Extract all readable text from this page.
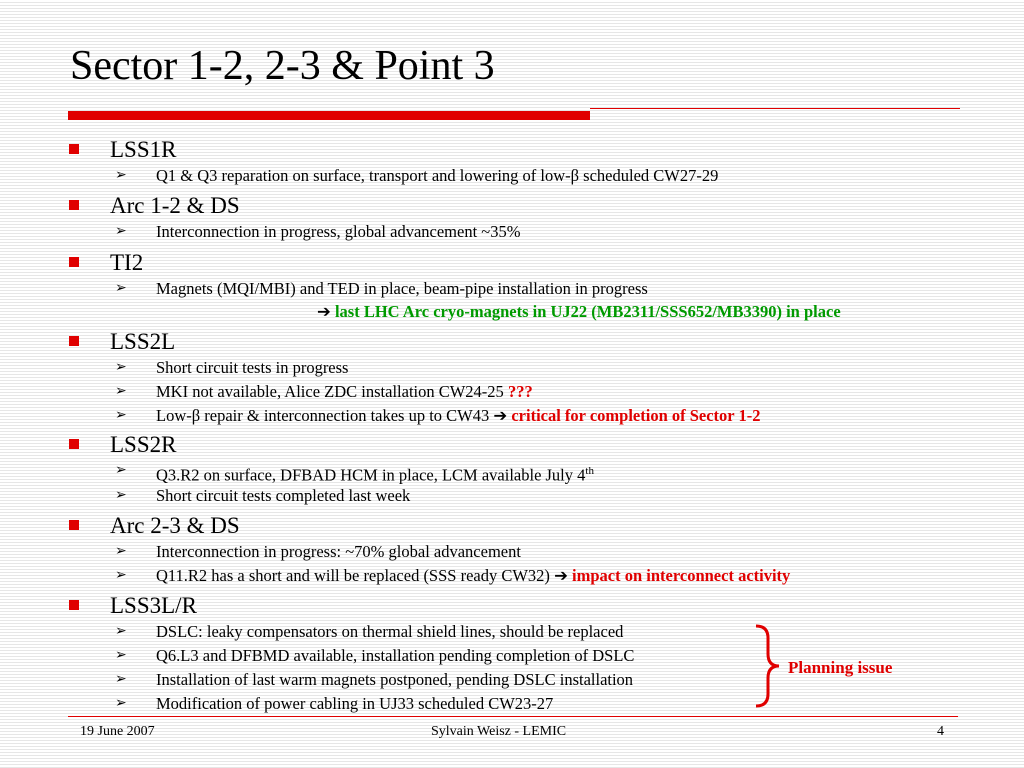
Sector 1-2, 2-3 & Point 3
LSS1R
➢ Q1 & Q3 reparation on surface, transport and lowering of low-β scheduled CW27-29
Arc 1-2 & DS
➢ Interconnection in progress, global advancement ~35%
TI2
➢ Magnets (MQI/MBI) and TED in place, beam-pipe installation in progress
➔ last LHC Arc cryo-magnets in UJ22 (MB2311/SSS652/MB3390) in place
LSS2L
➢ Short circuit tests in progress
➢ MKI not available, Alice ZDC installation CW24-25 ???
➢ Low-β repair & interconnection takes up to CW43 ➔ critical for completion of Sector 1-2
LSS2R
➢ Q3.R2 on surface, DFBAD HCM in place, LCM available July 4th
➢ Short circuit tests completed last week
Arc 2-3 & DS
➢ Interconnection in progress: ~70% global advancement
➢ Q11.R2 has a short and will be replaced (SSS ready CW32) ➔ impact on interconnect activity
LSS3L/R
➢ DSLC: leaky compensators on thermal shield lines, should be replaced
➢ Q6.L3 and DFBMD available, installation pending completion of DSLC
➢ Installation of last warm magnets postponed, pending DSLC installation
➢ Modification of power cabling in UJ33 scheduled CW23-27
Planning issue
19 June 2007	Sylvain Weisz - LEMIC	4
